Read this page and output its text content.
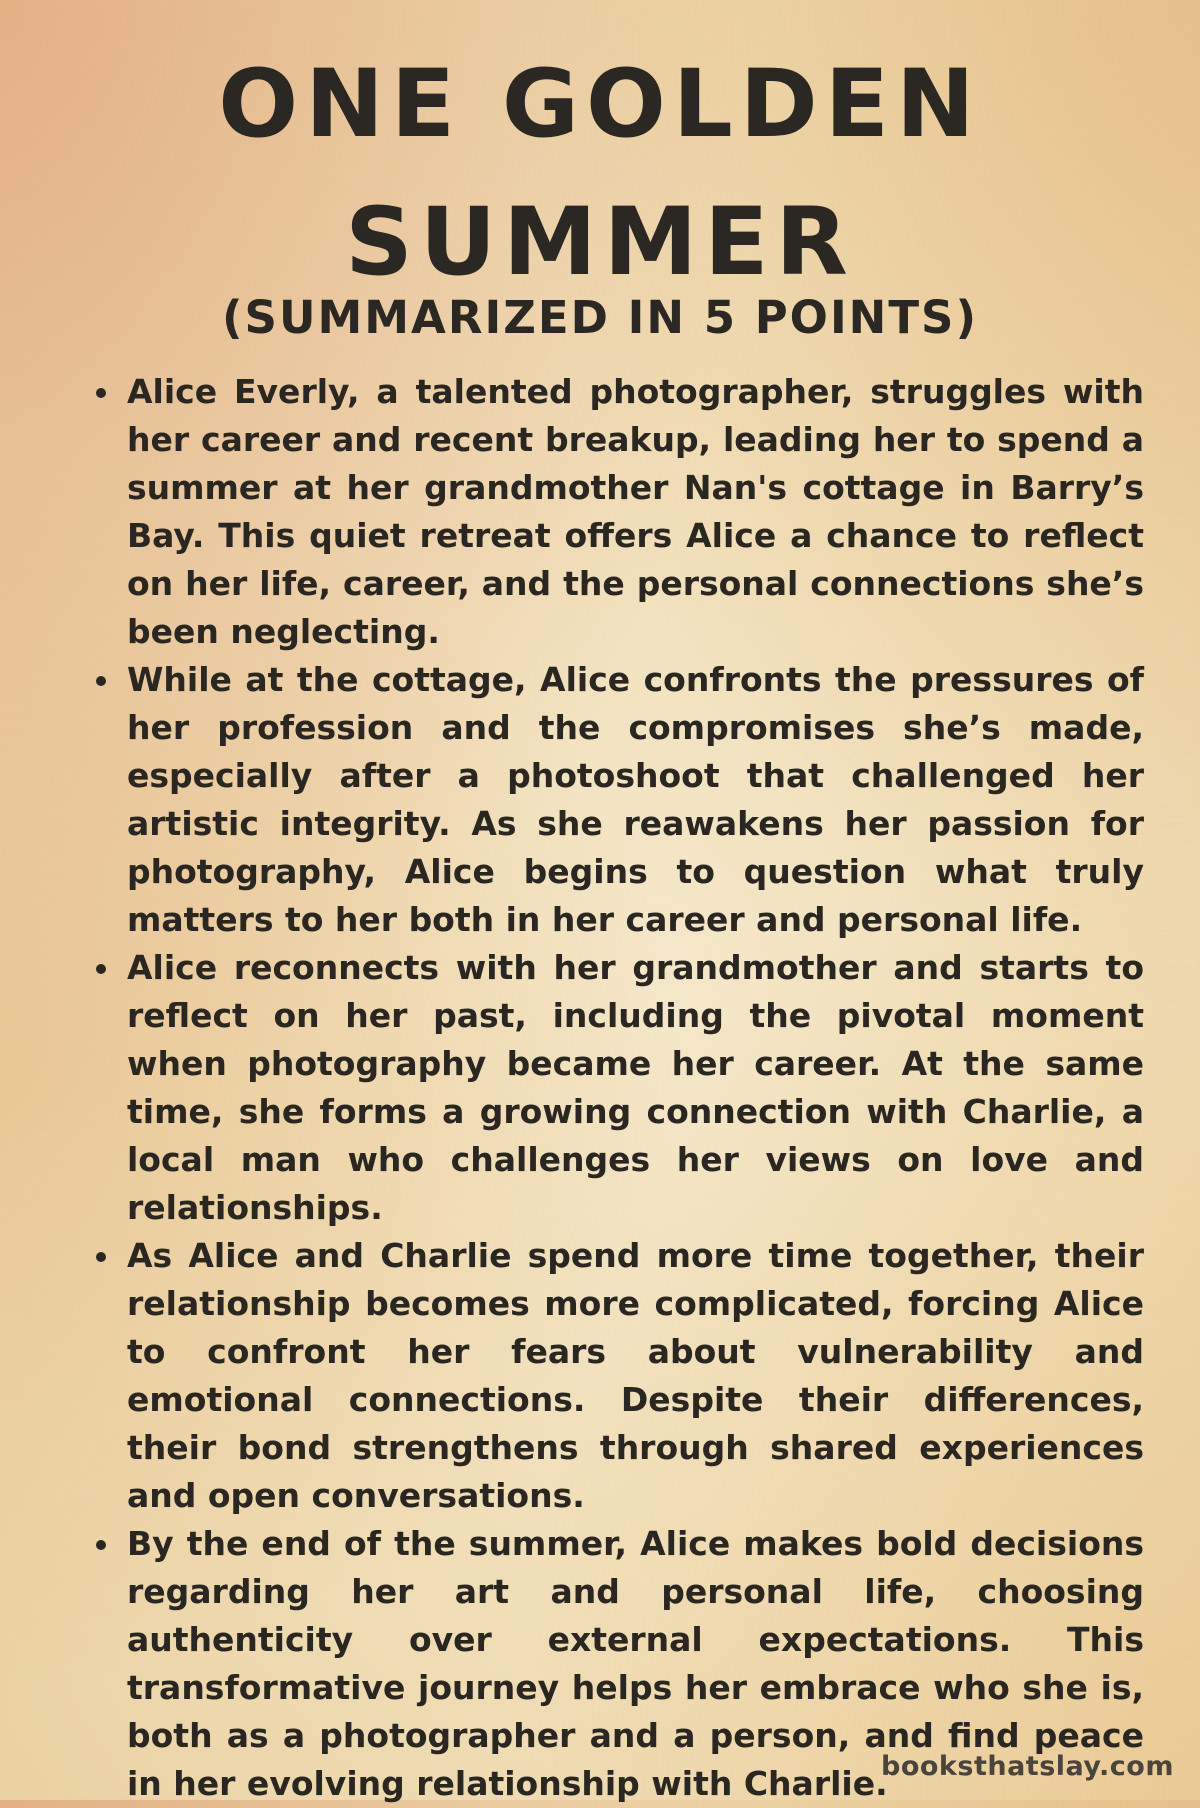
ONE GOLDEN
SUMMER
(SUMMARIZED IN 5 POINTS)
Alice Everly, a talented photographer, struggles with her career and recent breakup, leading her to spend a summer at her grandmother Nan's cottage in Barry’s Bay. This quiet retreat offers Alice a chance to reflect on her life, career, and the personal connections she’s been neglecting.
While at the cottage, Alice confronts the pressures of her profession and the compromises she’s made, especially after a photoshoot that challenged her artistic integrity. As she reawakens her passion for photography, Alice begins to question what truly matters to her both in her career and personal life.
Alice reconnects with her grandmother and starts to reflect on her past, including the pivotal moment when photography became her career. At the same time, she forms a growing connection with Charlie, a local man who challenges her views on love and relationships.
As Alice and Charlie spend more time together, their relationship becomes more complicated, forcing Alice to confront her fears about vulnerability and emotional connections. Despite their differences, their bond strengthens through shared experiences and open conversations.
By the end of the summer, Alice makes bold decisions regarding her art and personal life, choosing authenticity over external expectations. This transformative journey helps her embrace who she is, both as a photographer and a person, and find peace in her evolving relationship with Charlie.
booksthatslay.com
